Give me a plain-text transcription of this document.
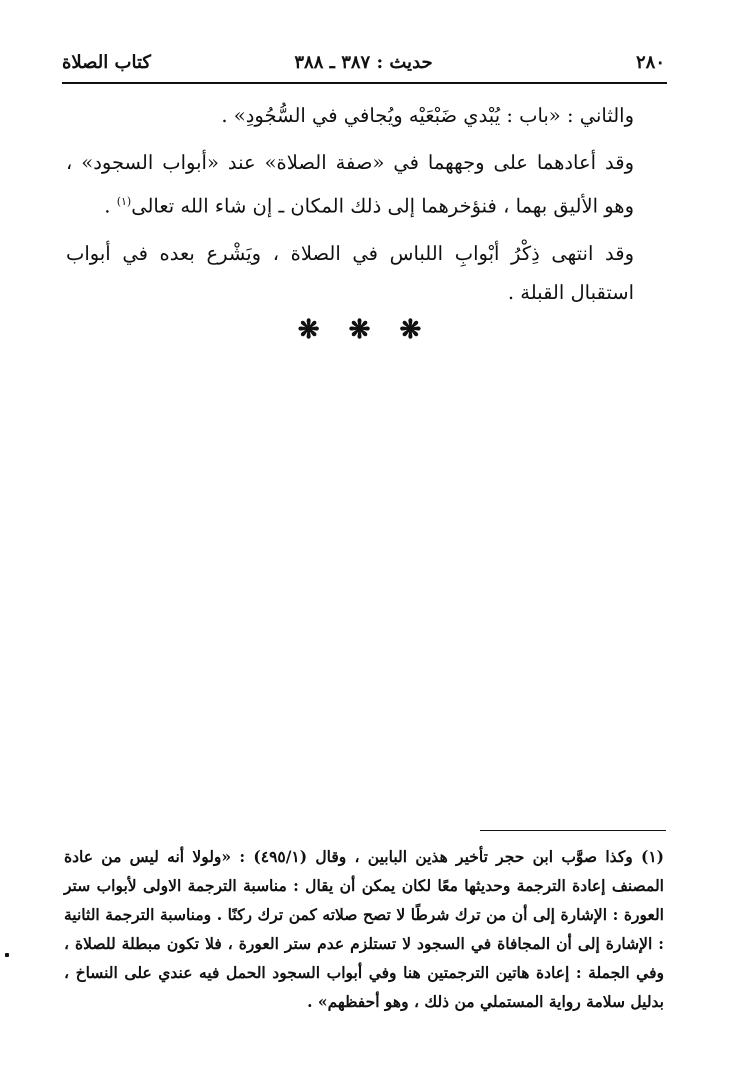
٢٨٠
حديث : ٣٨٧ ـ ٣٨٨
كتاب الصلاة

والثاني : «باب : يُبْدي ضَبْعَيْه ويُجافي في السُّجُودِ» .

وقد أعادهما على وجههما في «صفة الصلاة» عند «أبواب السجود» ، وهو الأليق بهما ، فنؤخرهما إلى ذلك المكان ـ إن شاء الله تعالى$^{(١)}$ .

وقد انتهى ذِكْرُ أبْوابِ اللباس في الصلاة ، ويَشْرع بعده في أبواب استقبال القبلة .

❋ ❋ ❋

(١) وكذا صوَّب ابن حجر تأخير هذين البابين ، وقال (٤٩٥/١) : «ولولا أنه ليس من عادة المصنف إعادة الترجمة وحديثها معًا لكان يمكن أن يقال : مناسبة الترجمة الاولى لأبواب ستر العورة : الإشارة إلى أن من ترك شرطًا لا تصح صلاته كمن ترك ركنًا . ومناسبة الترجمة الثانية : الإشارة إلى أن المجافاة في السجود لا تستلزم عدم ستر العورة ، فلا تكون مبطلة للصلاة ، وفي الجملة : إعادة هاتين الترجمتين هنا وفي أبواب السجود الحمل فيه عندي على النساخ ، بدليل سلامة رواية المستملي من ذلك ، وهو أحفظهم» .
